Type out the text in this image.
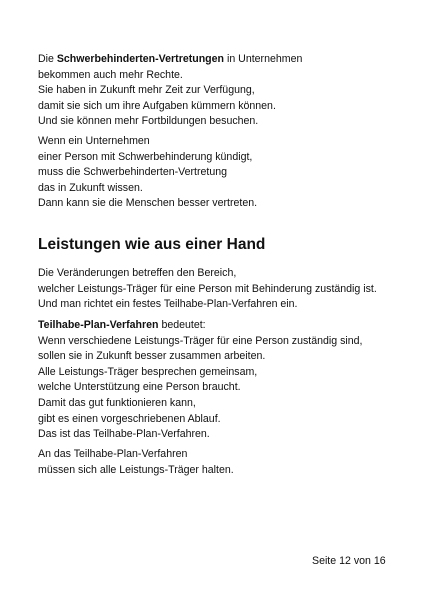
Die Schwerbehinderten-Vertretungen in Unternehmen

bekommen auch mehr Rechte.

Sie haben in Zukunft mehr Zeit zur Verfügung,

damit sie sich um ihre Aufgaben kümmern können.

Und sie können mehr Fortbildungen besuchen.

Wenn ein Unternehmen

einer Person mit Schwerbehinderung kündigt,

muss die Schwerbehinderten-Vertretung

das in Zukunft wissen.

Dann kann sie die Menschen besser vertreten.

Leistungen wie aus einer Hand

Die Veränderungen betreffen den Bereich,

welcher Leistungs-Träger für eine Person mit Behinderung zuständig ist.

Und man richtet ein festes Teilhabe-Plan-Verfahren ein.

Teilhabe-Plan-Verfahren bedeutet:

Wenn verschiedene Leistungs-Träger für eine Person zuständig sind,

sollen sie in Zukunft besser zusammen arbeiten.

Alle Leistungs-Träger besprechen gemeinsam,

welche Unterstützung eine Person braucht.

Damit das gut funktionieren kann,

gibt es einen vorgeschriebenen Ablauf.

Das ist das Teilhabe-Plan-Verfahren.

An das Teilhabe-Plan-Verfahren

müssen sich alle Leistungs-Träger halten.

Seite 12 von 16
